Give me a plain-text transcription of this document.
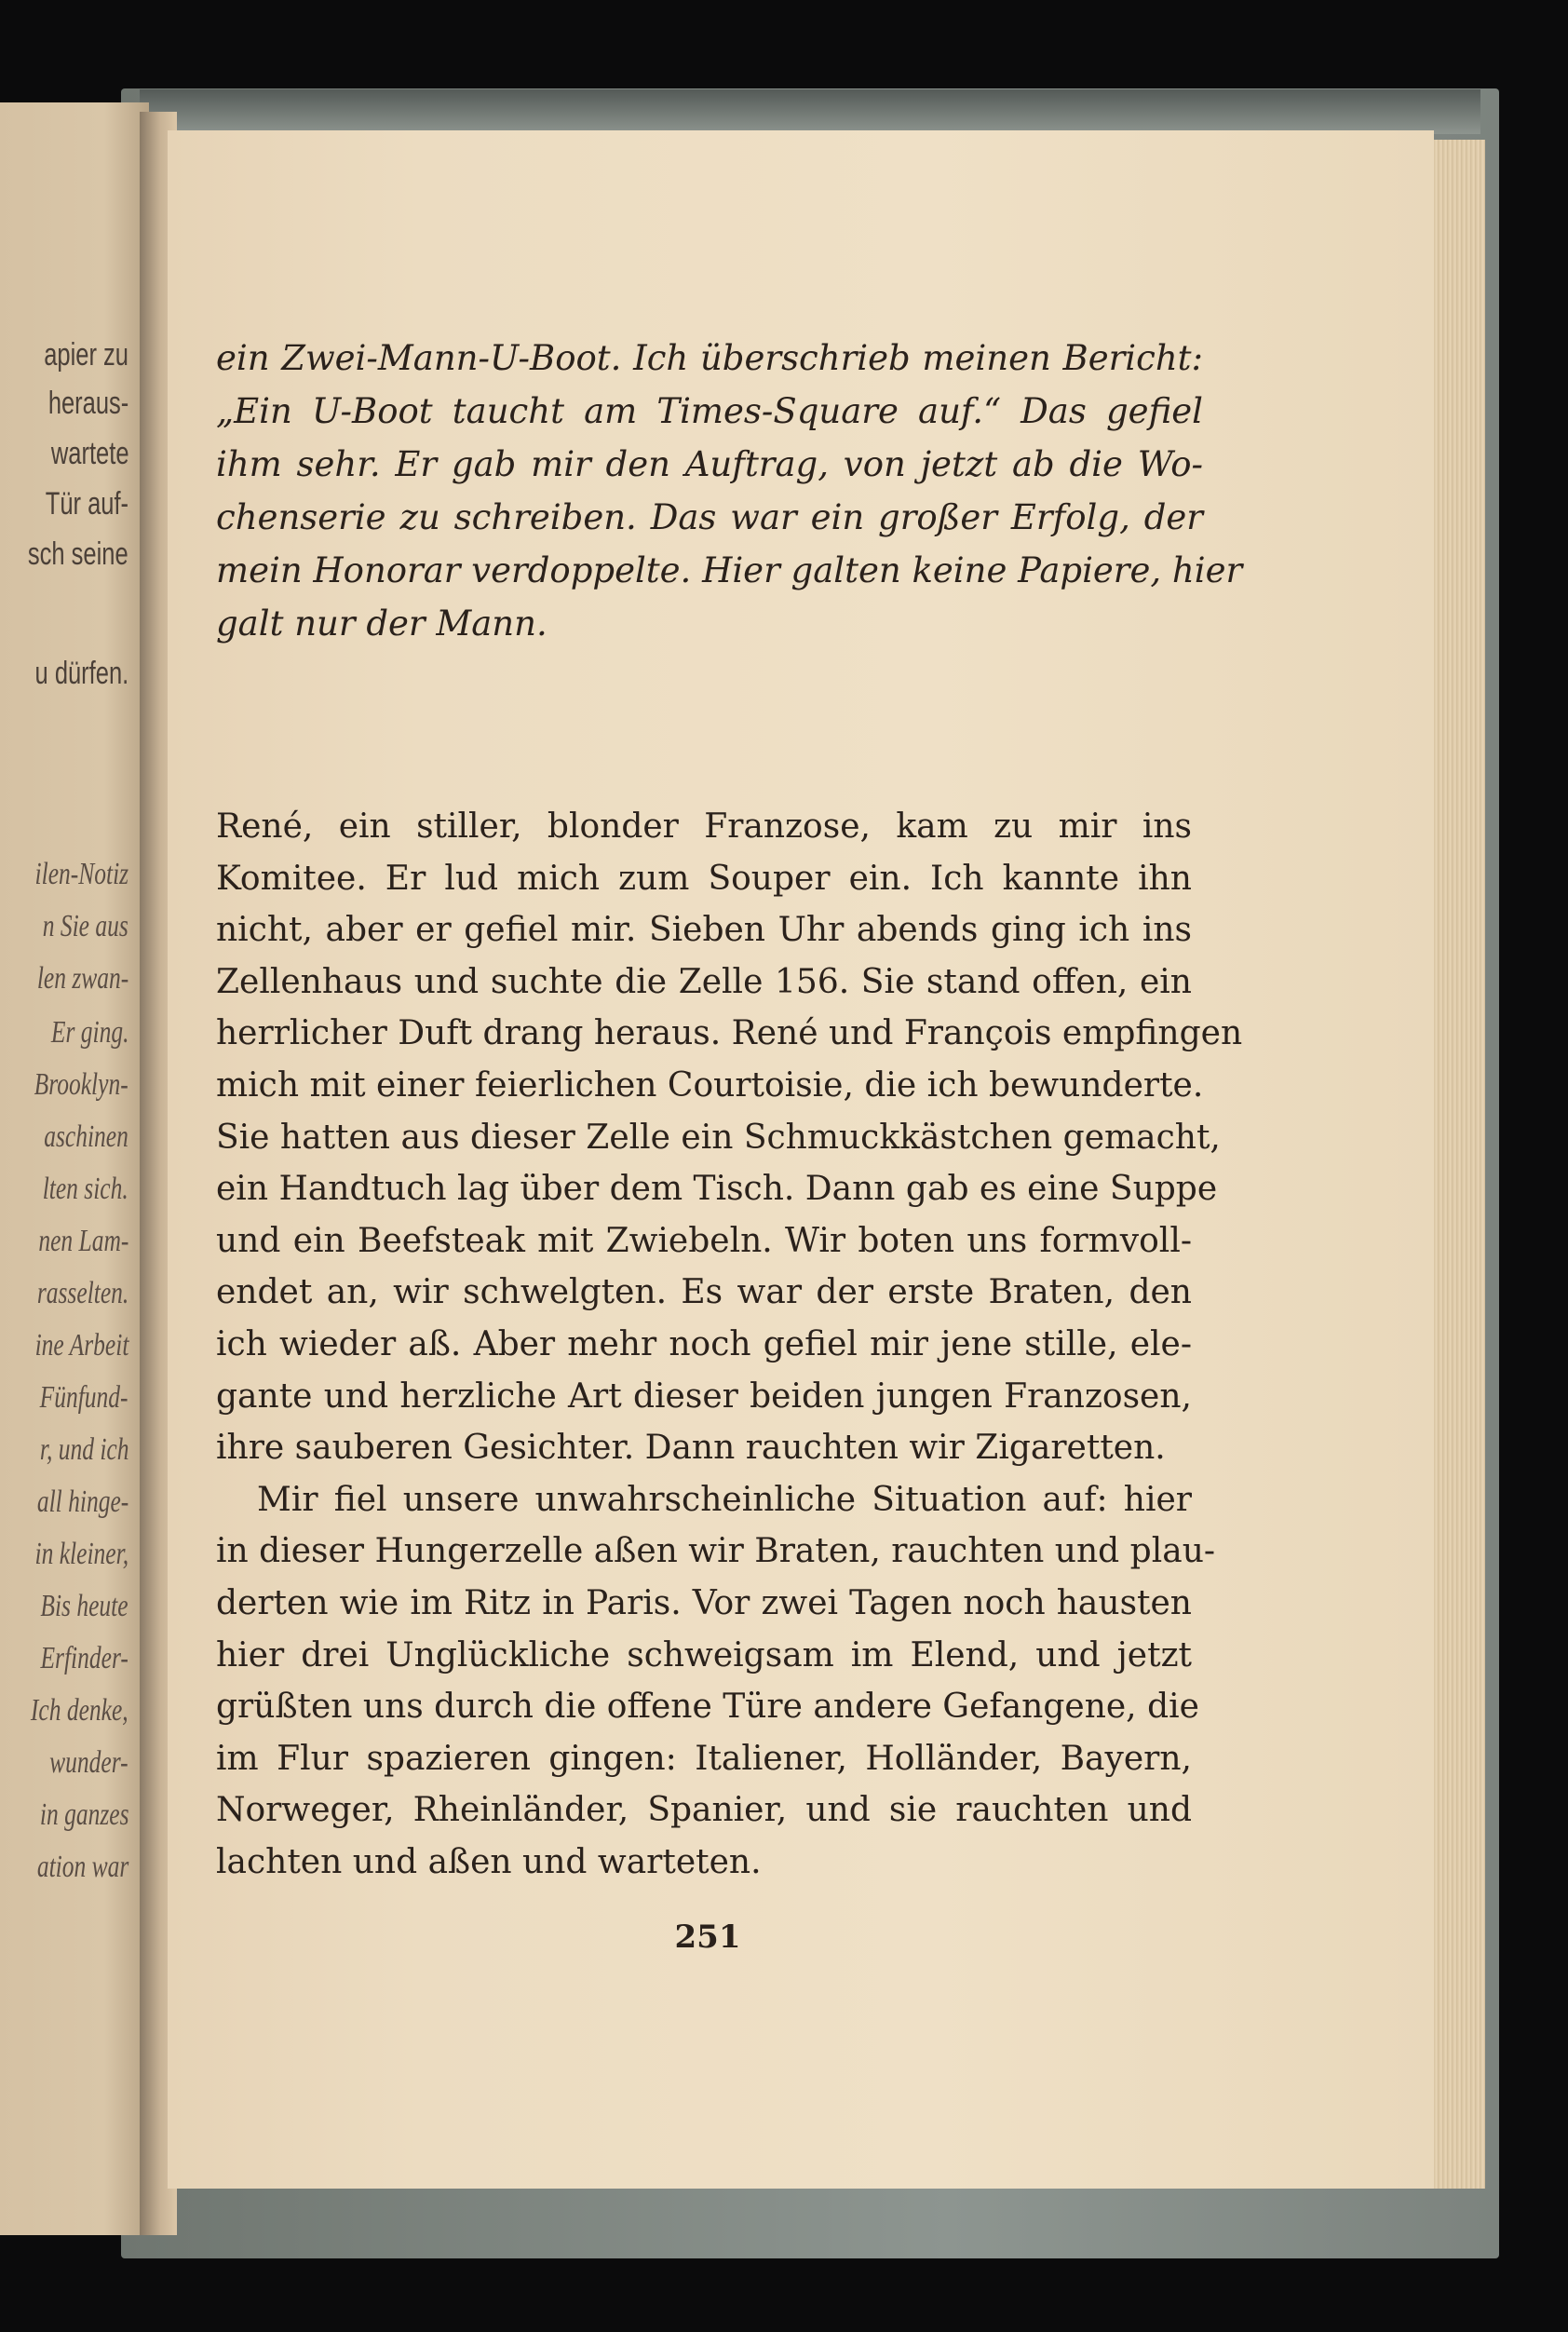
apier zu
heraus-
wartete
Tür auf-
sch seine
u dürfen.
ilen-Notiz
n Sie aus
len zwan-
Er ging.
Brooklyn-
aschinen
lten sich.
nen Lam-
rasselten.
ine Arbeit
Fünfund-
r, und ich
all hinge-
in kleiner,
Bis heute
Erfinder-
Ich denke,
wunder-
in ganzes
ation war
ein Zwei-Mann-U-Boot. Ich überschrieb meinen Bericht:
„Ein U-Boot taucht am Times-Square auf.“ Das gefiel
ihm sehr. Er gab mir den Auftrag, von jetzt ab die Wo-
chenserie zu schreiben. Das war ein großer Erfolg, der
mein Honorar verdoppelte. Hier galten keine Papiere, hier
galt nur der Mann.
René, ein stiller, blonder Franzose, kam zu mir ins
Komitee. Er lud mich zum Souper ein. Ich kannte ihn
nicht, aber er gefiel mir. Sieben Uhr abends ging ich ins
Zellenhaus und suchte die Zelle 156. Sie stand offen, ein
herrlicher Duft drang heraus. René und François empfingen
mich mit einer feierlichen Courtoisie, die ich bewunderte.
Sie hatten aus dieser Zelle ein Schmuckkästchen gemacht,
ein Handtuch lag über dem Tisch. Dann gab es eine Suppe
und ein Beefsteak mit Zwiebeln. Wir boten uns formvoll-
endet an, wir schwelgten. Es war der erste Braten, den
ich wieder aß. Aber mehr noch gefiel mir jene stille, ele-
gante und herzliche Art dieser beiden jungen Franzosen,
ihre sauberen Gesichter. Dann rauchten wir Zigaretten.
Mir fiel unsere unwahrscheinliche Situation auf: hier
in dieser Hungerzelle aßen wir Braten, rauchten und plau-
derten wie im Ritz in Paris. Vor zwei Tagen noch hausten
hier drei Unglückliche schweigsam im Elend, und jetzt
grüßten uns durch die offene Türe andere Gefangene, die
im Flur spazieren gingen: Italiener, Holländer, Bayern,
Norweger, Rheinländer, Spanier, und sie rauchten und
lachten und aßen und warteten.
251
